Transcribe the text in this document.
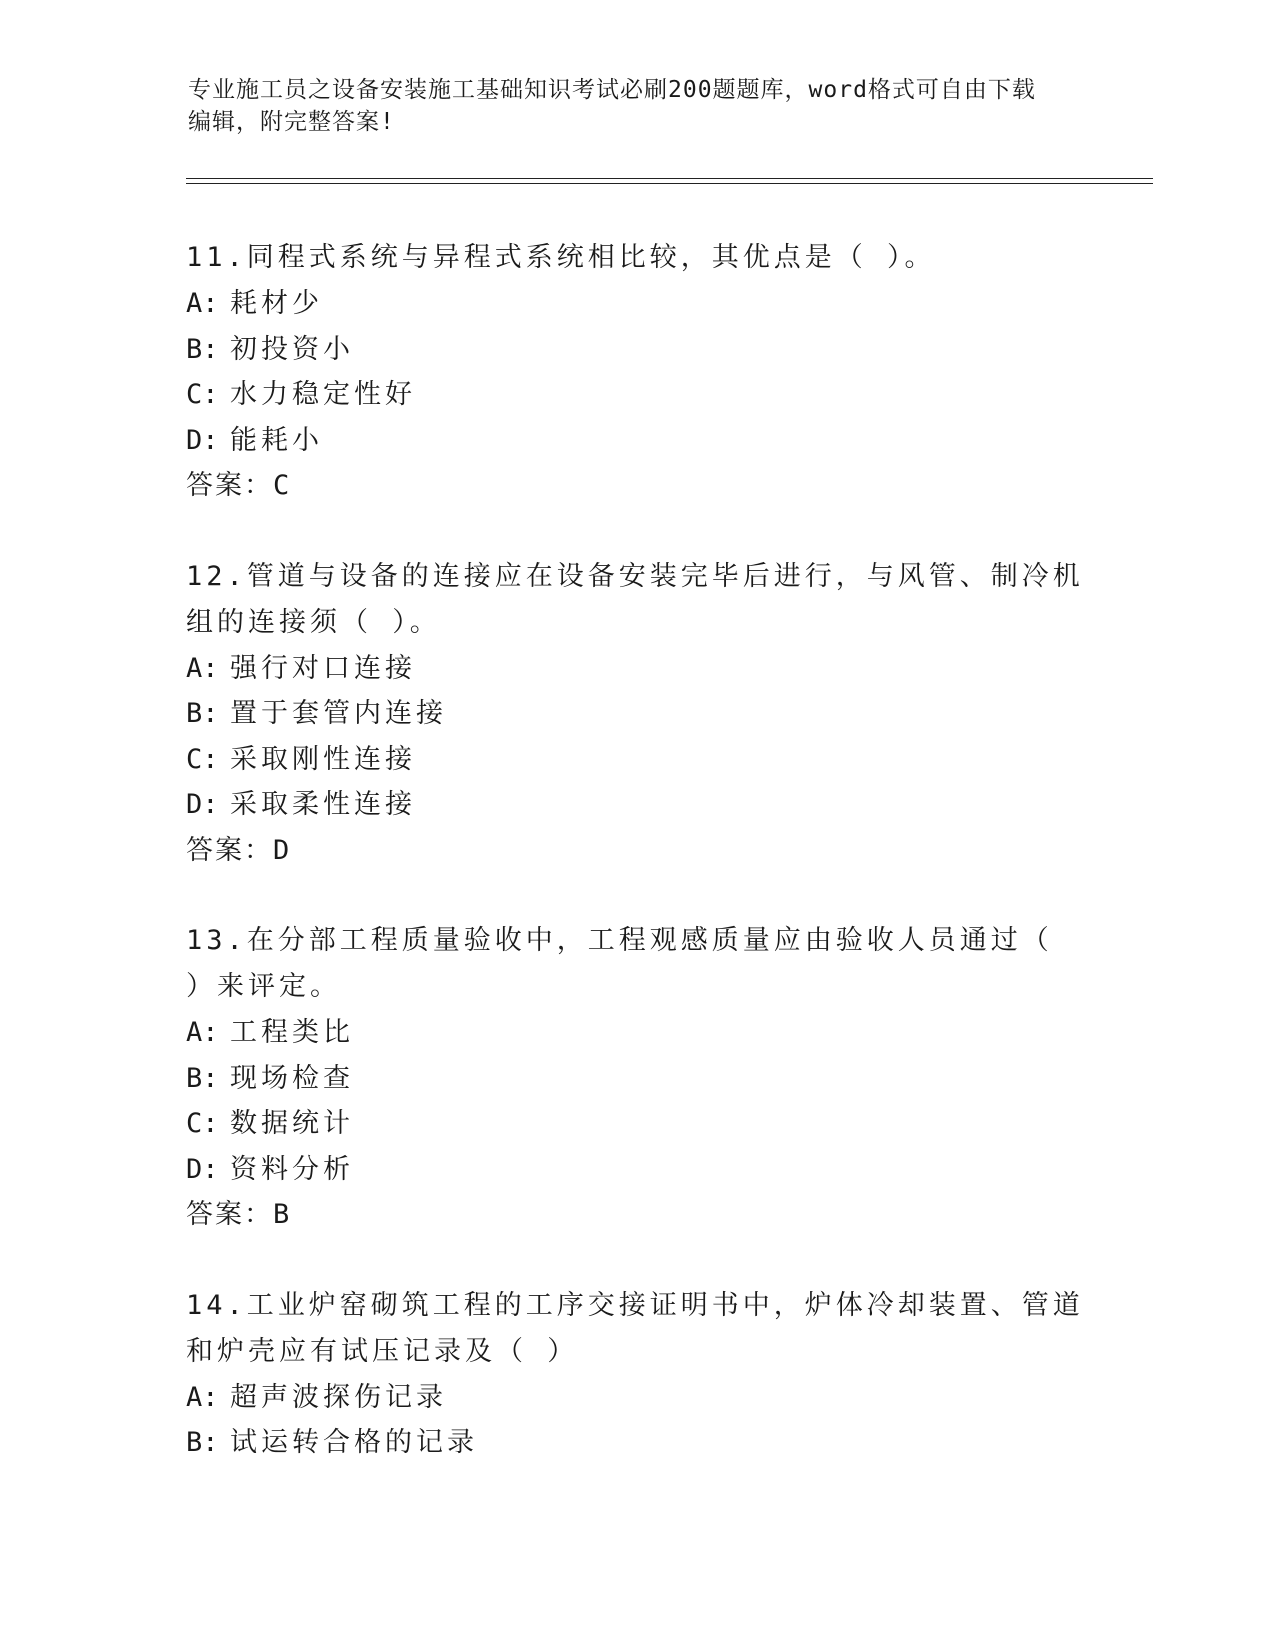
专业施工员之设备安装施工基础知识考试必刷200题题库，word格式可自由下载
编辑，附完整答案!
11.同程式系统与异程式系统相比较，其优点是（ ）。
A: 耗材少
B: 初投资小
C: 水力稳定性好
D: 能耗小
答案：C
12.管道与设备的连接应在设备安装完毕后进行，与风管、制冷机组的连接须（ ）。
A: 强行对口连接
B: 置于套管内连接
C: 采取刚性连接
D: 采取柔性连接
答案：D
13.在分部工程质量验收中，工程观感质量应由验收人员通过（ ）来评定。
A: 工程类比
B: 现场检查
C: 数据统计
D: 资料分析
答案：B
14.工业炉窑砌筑工程的工序交接证明书中，炉体冷却装置、管道和炉壳应有试压记录及（ ）
A: 超声波探伤记录
B: 试运转合格的记录
